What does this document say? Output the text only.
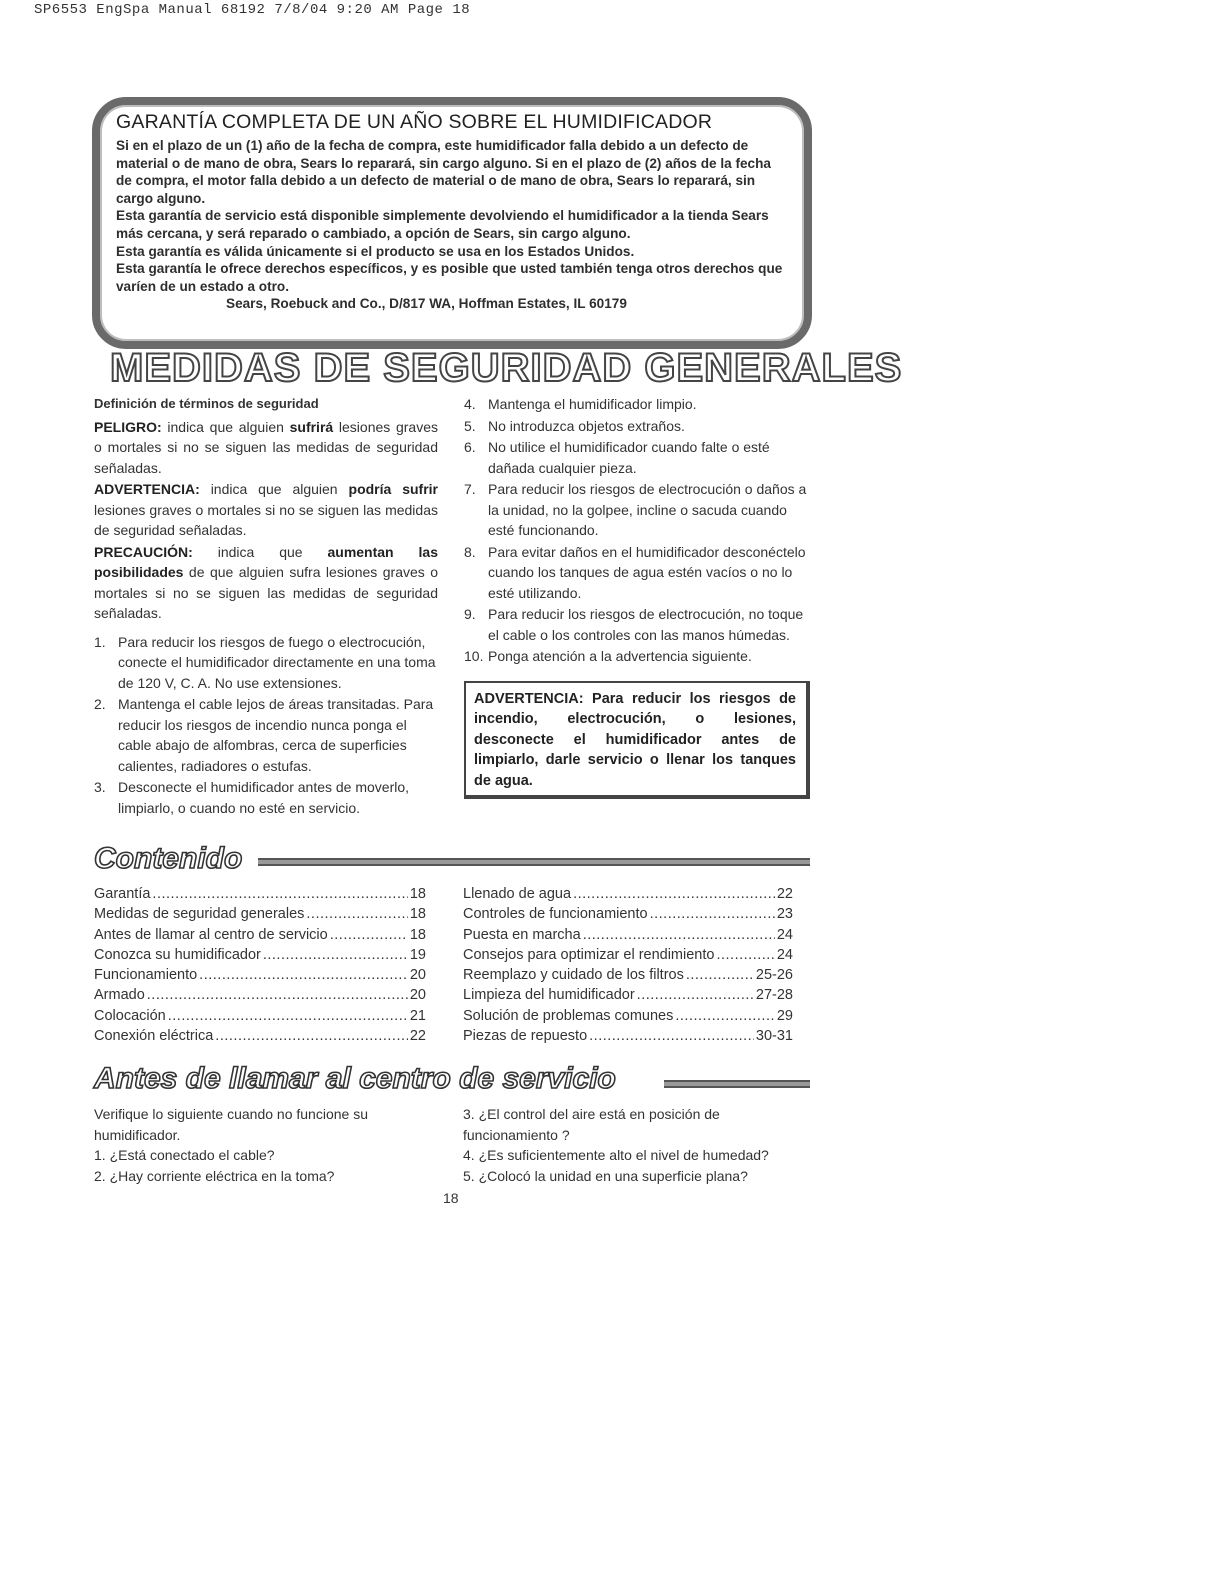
SP6553 EngSpa Manual 68192 7/8/04 9:20 AM Page 18

GARANTÍA COMPLETA DE UN AÑO SOBRE EL HUMIDIFICADOR

Si en el plazo de un (1) año de la fecha de compra, este humidificador falla debido a un defecto de material o de mano de obra, Sears lo reparará, sin cargo alguno. Si en el plazo de (2) años de la fecha de compra, el motor falla debido a un defecto de material o de mano de obra, Sears lo reparará, sin cargo alguno.

Esta garantía de servicio está disponible simplemente devolviendo el humidificador a la tienda Sears más cercana, y será reparado o cambiado, a opción de Sears, sin cargo alguno.

Esta garantía es válida únicamente si el producto se usa en los Estados Unidos.

Esta garantía le ofrece derechos específicos, y es posible que usted también tenga otros derechos que varíen de un estado a otro.

Sears, Roebuck and Co., D/817 WA, Hoffman Estates, IL 60179

MEDIDAS DE SEGURIDAD GENERALES

Definición de términos de seguridad

PELIGRO: indica que alguien sufrirá lesiones graves o mortales si no se siguen las medidas de seguridad señaladas.

ADVERTENCIA: indica que alguien podría sufrir lesiones graves o mortales si no se siguen las medidas de seguridad señaladas.

PRECAUCIÓN: indica que aumentan las posibilidades de que alguien sufra lesiones graves o mortales si no se siguen las medidas de seguridad señaladas.

1. Para reducir los riesgos de fuego o electrocución, conecte el humidificador directamente en una toma de 120 V, C. A. No use extensiones.
2. Mantenga el cable lejos de áreas transitadas. Para reducir los riesgos de incendio nunca ponga el cable abajo de alfombras, cerca de superficies calientes, radiadores o estufas.
3. Desconecte el humidificador antes de moverlo, limpiarlo, o cuando no esté en servicio.
4. Mantenga el humidificador limpio.
5. No introduzca objetos extraños.
6. No utilice el humidificador cuando falte o esté dañada cualquier pieza.
7. Para reducir los riesgos de electrocución o daños a la unidad, no la golpee, incline o sacuda cuando esté funcionando.
8. Para evitar daños en el humidificador desconéctelo cuando los tanques de agua estén vacíos o no lo esté utilizando.
9. Para reducir los riesgos de electrocución, no toque el cable o los controles con las manos húmedas.
10. Ponga atención a la advertencia siguiente.
ADVERTENCIA: Para reducir los riesgos de incendio, electrocución, o lesiones, desconecte el humidificador antes de limpiarlo, darle servicio o llenar los tanques de agua.
Contenido
Garantía .....	18
Medidas de seguridad generales .....	18
Antes de llamar al centro de servicio .....	18
Conozca su humidificador .....	19
Funcionamiento .....	20
Armado .....	20
Colocación .....	21
Conexión eléctrica .....	22
Llenado de agua .....	22
Controles de funcionamiento .....	23
Puesta en marcha .....	24
Consejos para optimizar el rendimiento .....	24
Reemplazo y cuidado de los filtros .....	25-26
Limpieza del humidificador .....	27-28
Solución de problemas comunes .....	29
Piezas de repuesto .....	30-31
Antes de llamar al centro de servicio

Verifique lo siguiente cuando no funcione su humidificador.

1. ¿Está conectado el cable?

2. ¿Hay corriente eléctrica en la toma?

3. ¿El control del aire está en posición de funcionamiento ?

4. ¿Es suficientemente alto el nivel de humedad?

5. ¿Colocó la unidad en una superficie plana?

18
